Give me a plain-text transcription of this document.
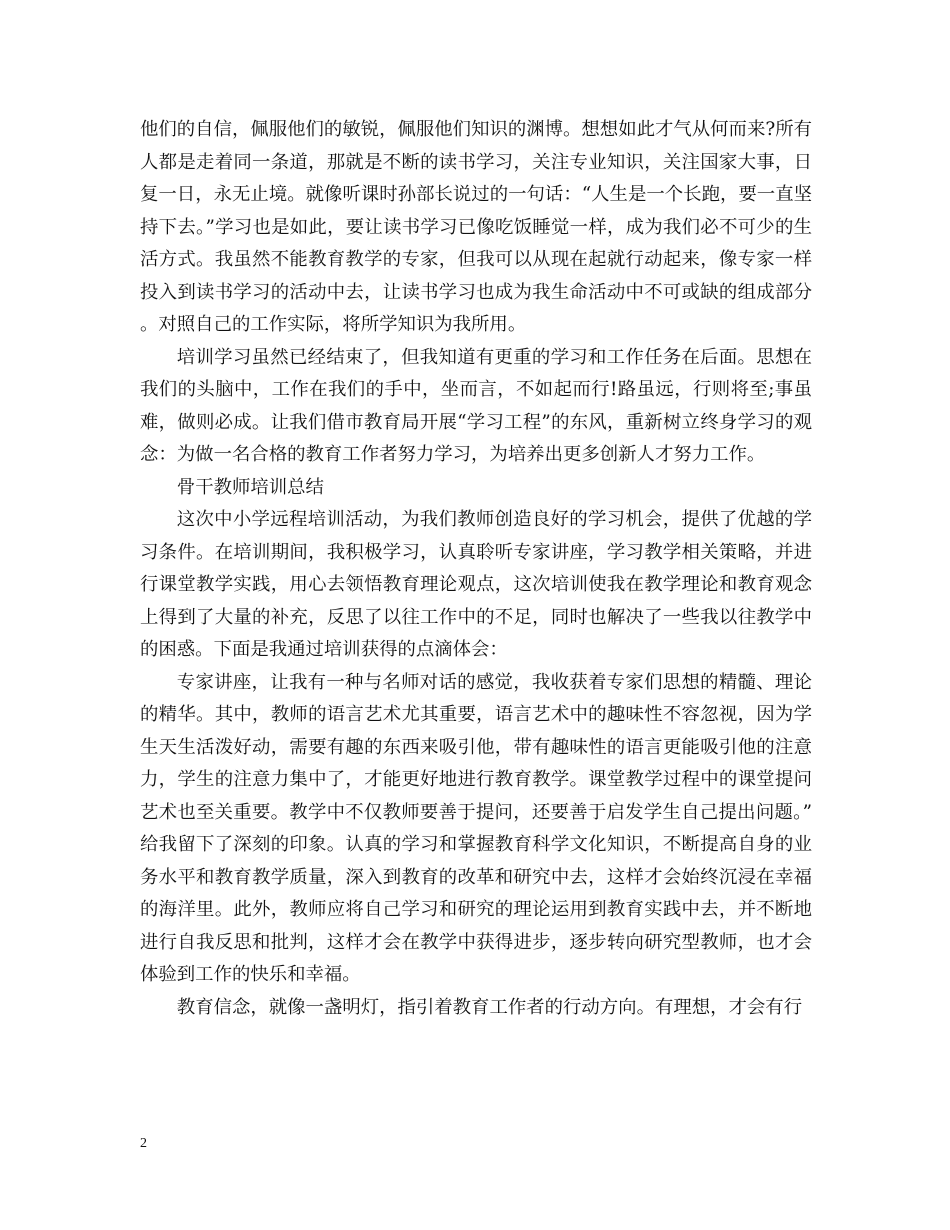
他们的自信，佩服他们的敏锐，佩服他们知识的渊博。想想如此才气从何而来?所有人都是走着同一条道，那就是不断的读书学习，关注专业知识，关注国家大事，日复一日，永无止境。就像听课时孙部长说过的一句话：“人生是一个长跑，要一直坚持下去。”学习也是如此，要让读书学习已像吃饭睡觉一样，成为我们必不可少的生活方式。我虽然不能教育教学的专家，但我可以从现在起就行动起来，像专家一样投入到读书学习的活动中去，让读书学习也成为我生命活动中不可或缺的组成部分。对照自己的工作实际，将所学知识为我所用。

培训学习虽然已经结束了，但我知道有更重的学习和工作任务在后面。思想在我们的头脑中，工作在我们的手中，坐而言，不如起而行!路虽远，行则将至;事虽难，做则必成。让我们借市教育局开展“学习工程”的东风，重新树立终身学习的观念：为做一名合格的教育工作者努力学习，为培养出更多创新人才努力工作。

骨干教师培训总结

这次中小学远程培训活动，为我们教师创造良好的学习机会，提供了优越的学习条件。在培训期间，我积极学习，认真聆听专家讲座，学习教学相关策略，并进行课堂教学实践，用心去领悟教育理论观点，这次培训使我在教学理论和教育观念上得到了大量的补充，反思了以往工作中的不足，同时也解决了一些我以往教学中的困惑。下面是我通过培训获得的点滴体会：

专家讲座，让我有一种与名师对话的感觉，我收获着专家们思想的精髓、理论的精华。其中，教师的语言艺术尤其重要，语言艺术中的趣味性不容忽视，因为学生天生活泼好动，需要有趣的东西来吸引他，带有趣味性的语言更能吸引他的注意力，学生的注意力集中了，才能更好地进行教育教学。课堂教学过程中的课堂提问艺术也至关重要。教学中不仅教师要善于提问，还要善于启发学生自己提出问题。”给我留下了深刻的印象。认真的学习和掌握教育科学文化知识，不断提高自身的业务水平和教育教学质量，深入到教育的改革和研究中去，这样才会始终沉浸在幸福的海洋里。此外，教师应将自己学习和研究的理论运用到教育实践中去，并不断地进行自我反思和批判，这样才会在教学中获得进步，逐步转向研究型教师，也才会体验到工作的快乐和幸福。

教育信念，就像一盏明灯，指引着教育工作者的行动方向。有理想，才会有行

2
